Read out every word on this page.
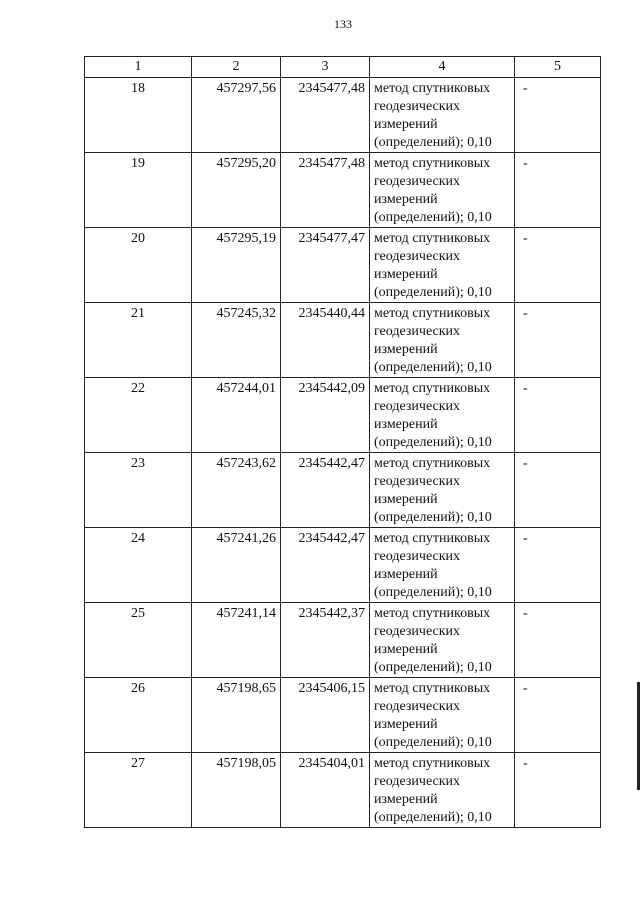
133
1	2	3	4	5
18	457297,56	2345477,48	метод спутниковых
геодезических
измерений
(определений); 0,10	-
19	457295,20	2345477,48	метод спутниковых
геодезических
измерений
(определений); 0,10	-
20	457295,19	2345477,47	метод спутниковых
геодезических
измерений
(определений); 0,10	-
21	457245,32	2345440,44	метод спутниковых
геодезических
измерений
(определений); 0,10	-
22	457244,01	2345442,09	метод спутниковых
геодезических
измерений
(определений); 0,10	-
23	457243,62	2345442,47	метод спутниковых
геодезических
измерений
(определений); 0,10	-
24	457241,26	2345442,47	метод спутниковых
геодезических
измерений
(определений); 0,10	-
25	457241,14	2345442,37	метод спутниковых
геодезических
измерений
(определений); 0,10	-
26	457198,65	2345406,15	метод спутниковых
геодезических
измерений
(определений); 0,10	-
27	457198,05	2345404,01	метод спутниковых
геодезических
измерений
(определений); 0,10	-
